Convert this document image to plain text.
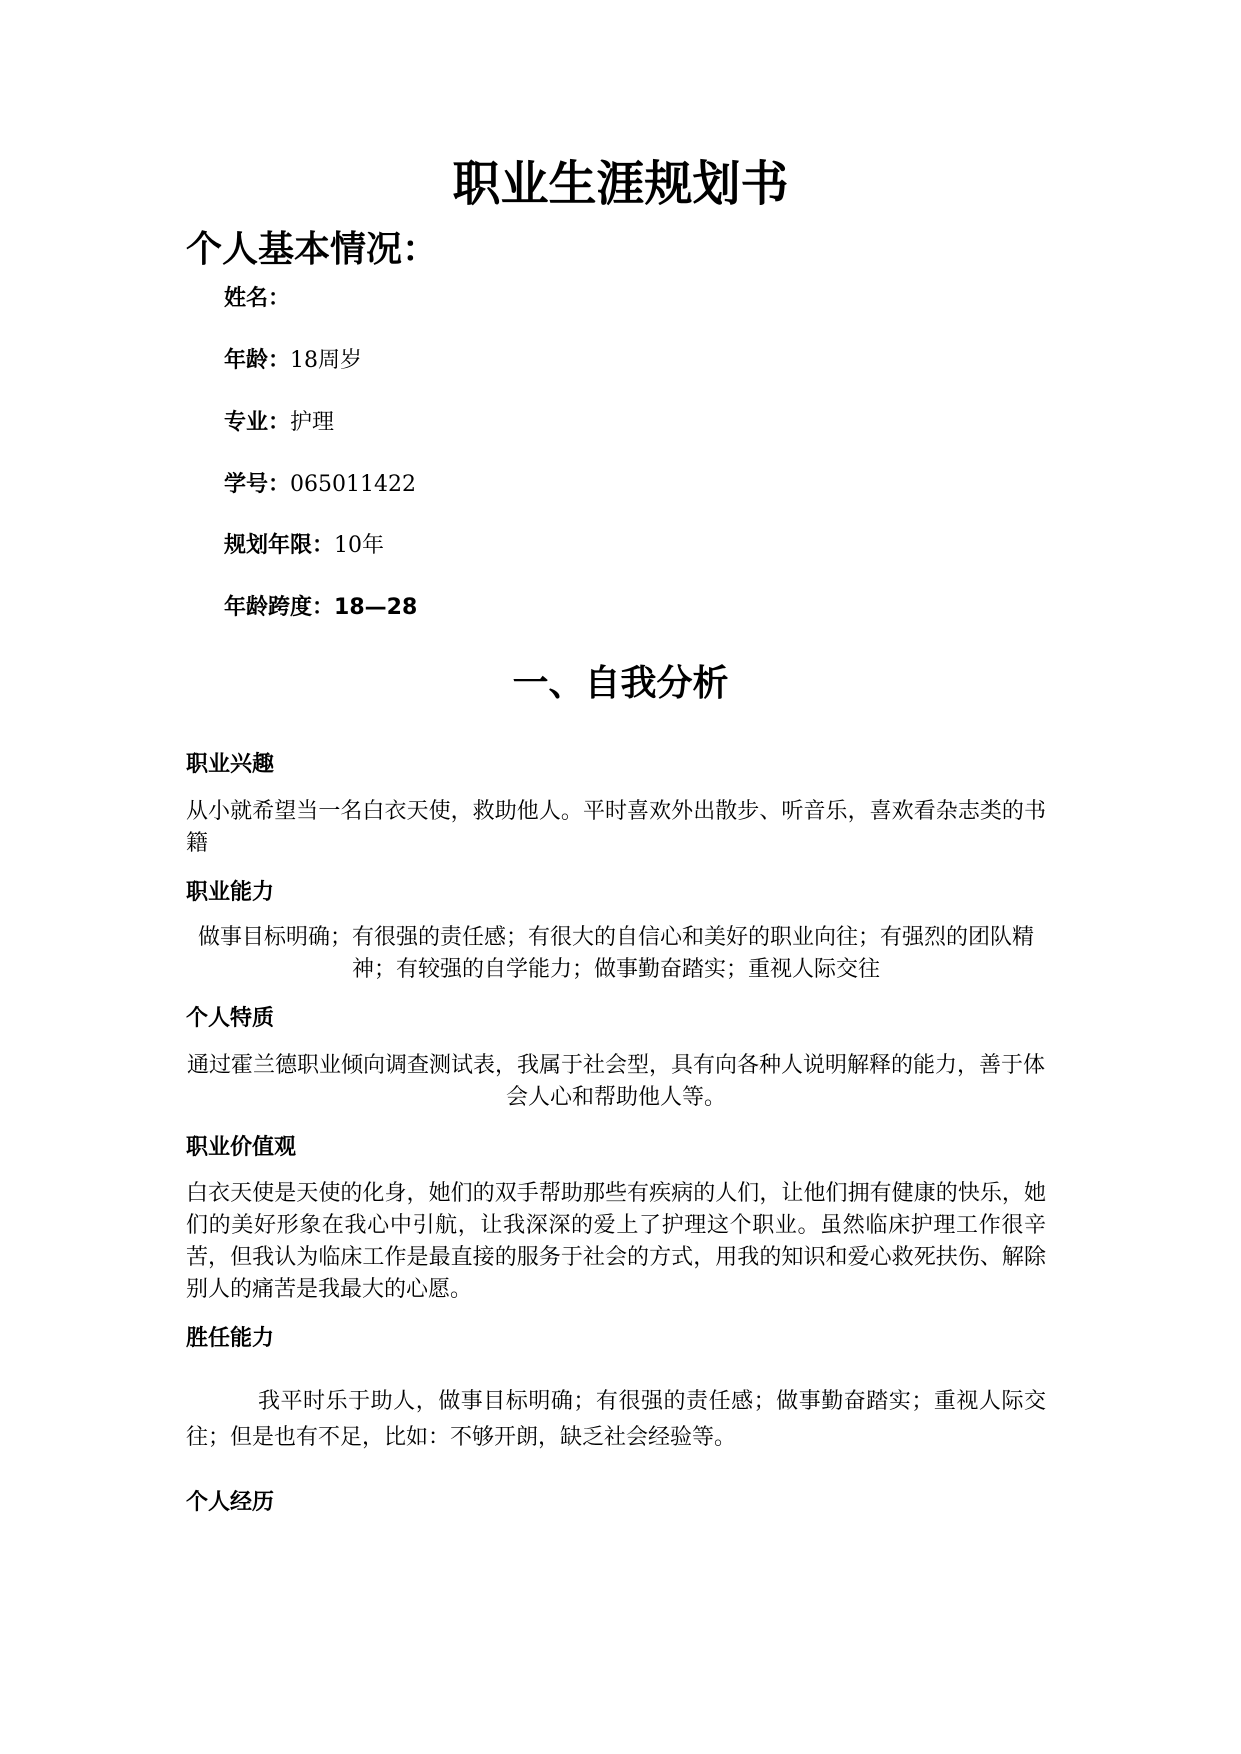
职业生涯规划书
个人基本情况：
姓名：
年龄：18周岁
专业：护理
学号：065011422
规划年限：10年
年龄跨度：18—28
一、自我分析
职业兴趣
从小就希望当一名白衣天使，救助他人。平时喜欢外出散步、听音乐，喜欢看杂志类的书籍
职业能力
做事目标明确；有很强的责任感；有很大的自信心和美好的职业向往；有强烈的团队精神；有较强的自学能力；做事勤奋踏实；重视人际交往
个人特质
通过霍兰德职业倾向调查测试表，我属于社会型，具有向各种人说明解释的能力，善于体会人心和帮助他人等。
职业价值观
白衣天使是天使的化身，她们的双手帮助那些有疾病的人们，让他们拥有健康的快乐，她们的美好形象在我心中引航，让我深深的爱上了护理这个职业。虽然临床护理工作很辛苦，但我认为临床工作是最直接的服务于社会的方式，用我的知识和爱心救死扶伤、解除别人的痛苦是我最大的心愿。
胜任能力
我平时乐于助人，做事目标明确；有很强的责任感；做事勤奋踏实；重视人际交往；但是也有不足，比如：不够开朗，缺乏社会经验等。
个人经历
